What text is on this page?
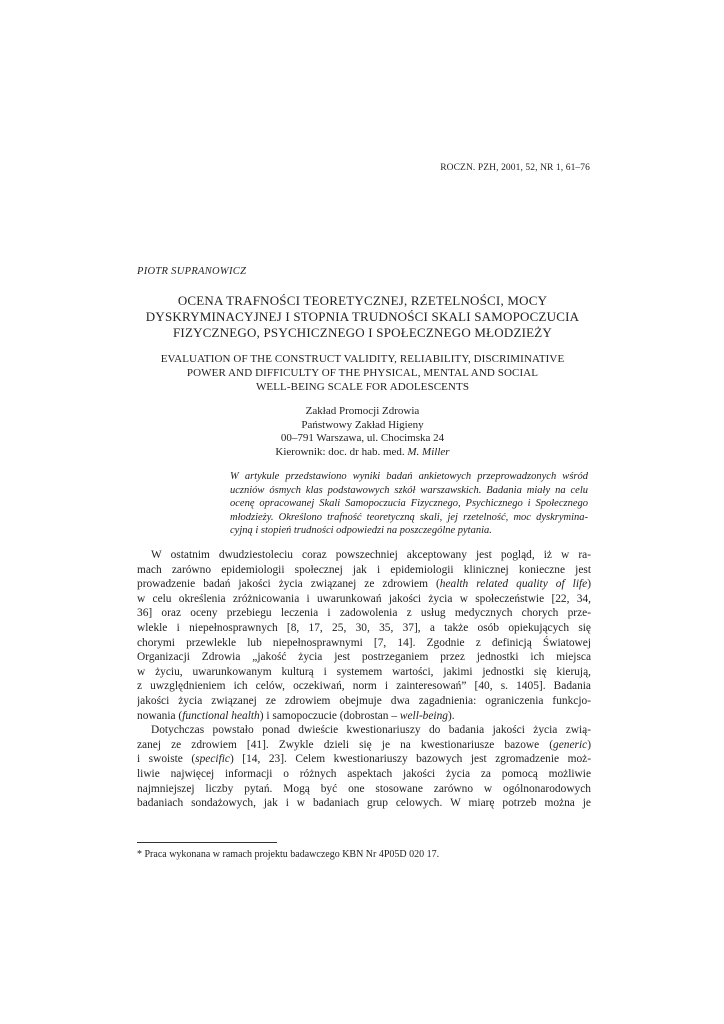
ROCZN. PZH, 2001, 52, NR 1, 61–76
PIOTR SUPRANOWICZ
OCENA TRAFNOŚCI TEORETYCZNEJ, RZETELNOŚCI, MOCY
DYSKRYMINACYJNEJ I STOPNIA TRUDNOŚCI SKALI SAMOPOCZUCIA
FIZYCZNEGO, PSYCHICZNEGO I SPOŁECZNEGO MŁODZIEŻY
EVALUATION OF THE CONSTRUCT VALIDITY, RELIABILITY, DISCRIMINATIVE
POWER AND DIFFICULTY OF THE PHYSICAL, MENTAL AND SOCIAL
WELL-BEING SCALE FOR ADOLESCENTS
Zakład Promocji Zdrowia
Państwowy Zakład Higieny
00–791 Warszawa, ul. Chocimska 24
Kierownik: doc. dr hab. med. M. Miller
W artykule przedstawiono wyniki badań ankietowych przeprowadzonych wśród
uczniów ósmych klas podstawowych szkół warszawskich. Badania miały na celu
ocenę opracowanej Skali Samopoczucia Fizycznego, Psychicznego i Społecznego
młodzieży. Określono trafność teoretyczną skali, jej rzetelność, moc dyskrymina-
cyjną i stopień trudności odpowiedzi na poszczególne pytania.
W ostatnim dwudziestoleciu coraz powszechniej akceptowany jest pogląd, iż w ra-
mach zarówno epidemiologii społecznej jak i epidemiologii klinicznej konieczne jest
prowadzenie badań jakości życia związanej ze zdrowiem (health related quality of life)
w celu określenia zróżnicowania i uwarunkowań jakości życia w społeczeństwie [22, 34,
36] oraz oceny przebiegu leczenia i zadowolenia z usług medycznych chorych prze-
wlekle i niepełnosprawnych [8, 17, 25, 30, 35, 37], a także osób opiekujących się
chorymi przewlekle lub niepełnosprawnymi [7, 14]. Zgodnie z definicją Światowej
Organizacji Zdrowia „jakość życia jest postrzeganiem przez jednostki ich miejsca
w życiu, uwarunkowanym kulturą i systemem wartości, jakimi jednostki się kierują,
z uwzględnieniem ich celów, oczekiwań, norm i zainteresowań” [40, s. 1405]. Badania
jakości życia związanej ze zdrowiem obejmuje dwa zagadnienia: ograniczenia funkcjo-
nowania (functional health) i samopoczucie (dobrostan – well-being).
Dotychczas powstało ponad dwieście kwestionariuszy do badania jakości życia zwią-
zanej ze zdrowiem [41]. Zwykle dzieli się je na kwestionariusze bazowe (generic)
i swoiste (specific) [14, 23]. Celem kwestionariuszy bazowych jest zgromadzenie moż-
liwie najwięcej informacji o różnych aspektach jakości życia za pomocą możliwie
najmniejszej liczby pytań. Mogą być one stosowane zarówno w ogólnonarodowych
badaniach sondażowych, jak i w badaniach grup celowych. W miarę potrzeb można je
* Praca wykonana w ramach projektu badawczego KBN Nr 4P05D 020 17.
